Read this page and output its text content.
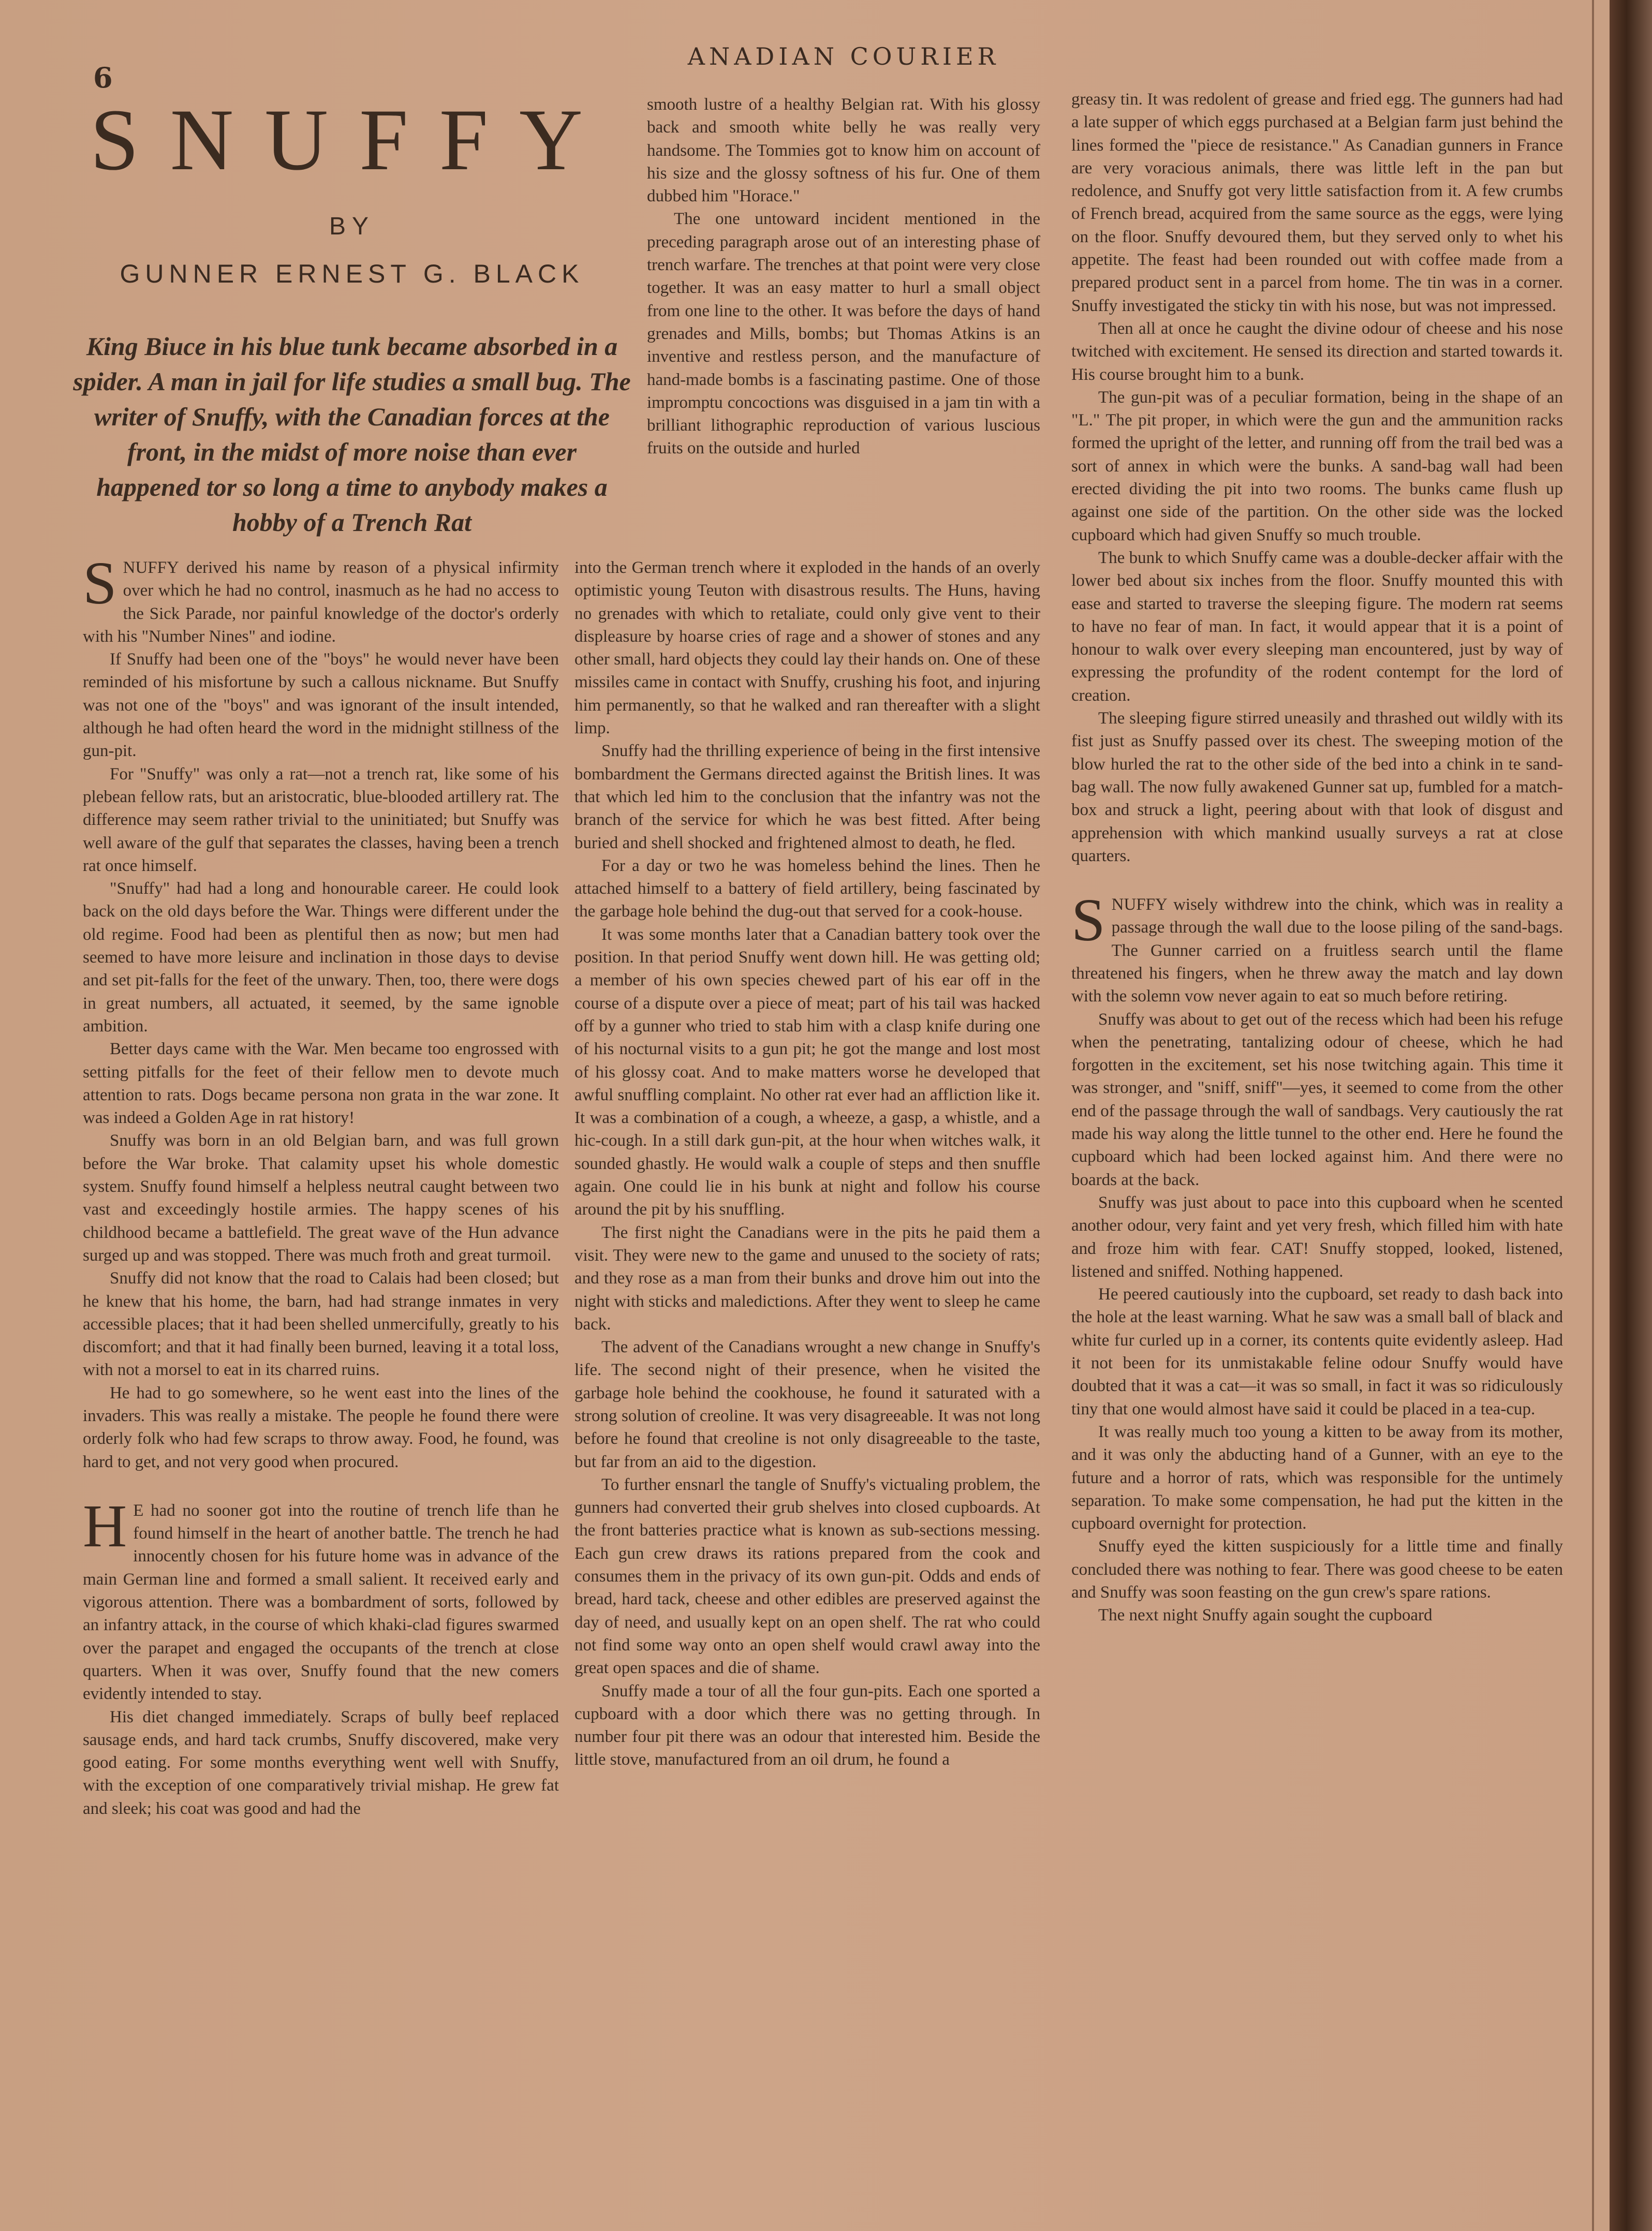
6
ANADIAN COURIER
SNUFFY
BY
GUNNER ERNEST G. BLACK
King Biuce in his blue tunk became absorbed in a spider. A man in jail for life studies a small bug. The writer of Snuffy, with the Canadian forces at the front, in the midst of more noise than ever happened tor so long a time to anybody makes a hobby of a Trench Rat

SNUFFY derived his name by reason of a physical infirmity over which he had no control, inasmuch as he had no access to the Sick Parade, nor painful knowledge of the doctor's orderly with his "Number Nines" and iodine.

If Snuffy had been one of the "boys" he would never have been reminded of his misfortune by such a callous nickname. But Snuffy was not one of the "boys" and was ignorant of the insult intended, although he had often heard the word in the midnight stillness of the gun-pit.

For "Snuffy" was only a rat—not a trench rat, like some of his plebean fellow rats, but an aristocratic, blue-blooded artillery rat. The difference may seem rather trivial to the uninitiated; but Snuffy was well aware of the gulf that separates the classes, having been a trench rat once himself.

"Snuffy" had had a long and honourable career. He could look back on the old days before the War. Things were different under the old regime. Food had been as plentiful then as now; but men had seemed to have more leisure and inclination in those days to devise and set pit-falls for the feet of the unwary. Then, too, there were dogs in great numbers, all actuated, it seemed, by the same ignoble ambition.

Better days came with the War. Men became too engrossed with setting pitfalls for the feet of their fellow men to devote much attention to rats. Dogs became persona non grata in the war zone. It was indeed a Golden Age in rat history!

Snuffy was born in an old Belgian barn, and was full grown before the War broke. That calamity upset his whole domestic system. Snuffy found himself a helpless neutral caught between two vast and exceedingly hostile armies. The happy scenes of his childhood became a battlefield. The great wave of the Hun advance surged up and was stopped. There was much froth and great turmoil.

Snuffy did not know that the road to Calais had been closed; but he knew that his home, the barn, had had strange inmates in very accessible places; that it had been shelled unmercifully, greatly to his discomfort; and that it had finally been burned, leaving it a total loss, with not a morsel to eat in its charred ruins.

He had to go somewhere, so he went east into the lines of the invaders. This was really a mistake. The people he found there were orderly folk who had few scraps to throw away. Food, he found, was hard to get, and not very good when procured.

H E had no sooner got into the routine of trench life than he found himself in the heart of another battle. The trench he had innocently chosen for his future home was in advance of the main German line and formed a small salient. It received early and vigorous attention. There was a bombardment of sorts, followed by an infantry attack, in the course of which khaki-clad figures swarmed over the parapet and engaged the occupants of the trench at close quarters. When it was over, Snuffy found that the new comers evidently intended to stay.

His diet changed immediately. Scraps of bully beef replaced sausage ends, and hard tack crumbs, Snuffy discovered, make very good eating. For some months everything went well with Snuffy, with the exception of one comparatively trivial mishap. He grew fat and sleek; his coat was good and had the

smooth lustre of a healthy Belgian rat. With his glossy back and smooth white belly he was really very handsome. The Tommies got to know him on account of his size and the glossy softness of his fur. One of them dubbed him "Horace."

The one untoward incident mentioned in the preceding paragraph arose out of an interesting phase of trench warfare. The trenches at that point were very close together. It was an easy matter to hurl a small object from one line to the other. It was before the days of hand grenades and Mills, bombs; but Thomas Atkins is an inventive and restless person, and the manufacture of hand-made bombs is a fascinating pastime. One of those impromptu concoctions was disguised in a jam tin with a brilliant lithographic reproduction of various luscious fruits on the outside and hurled

into the German trench where it exploded in the hands of an overly optimistic young Teuton with disastrous results. The Huns, having no grenades with which to retaliate, could only give vent to their displeasure by hoarse cries of rage and a shower of stones and any other small, hard objects they could lay their hands on. One of these missiles came in contact with Snuffy, crushing his foot, and injuring him permanently, so that he walked and ran thereafter with a slight limp.

Snuffy had the thrilling experience of being in the first intensive bombardment the Germans directed against the British lines. It was that which led him to the conclusion that the infantry was not the branch of the service for which he was best fitted. After being buried and shell shocked and frightened almost to death, he fled.

For a day or two he was homeless behind the lines. Then he attached himself to a battery of field artillery, being fascinated by the garbage hole behind the dug-out that served for a cook-house.

It was some months later that a Canadian battery took over the position. In that period Snuffy went down hill. He was getting old; a member of his own species chewed part of his ear off in the course of a dispute over a piece of meat; part of his tail was hacked off by a gunner who tried to stab him with a clasp knife during one of his nocturnal visits to a gun pit; he got the mange and lost most of his glossy coat. And to make matters worse he developed that awful snuffling complaint. No other rat ever had an affliction like it. It was a combination of a cough, a wheeze, a gasp, a whistle, and a hic-cough. In a still dark gun-pit, at the hour when witches walk, it sounded ghastly. He would walk a couple of steps and then snuffle again. One could lie in his bunk at night and follow his course around the pit by his snuffling.

The first night the Canadians were in the pits he paid them a visit. They were new to the game and unused to the society of rats; and they rose as a man from their bunks and drove him out into the night with sticks and maledictions. After they went to sleep he came back.

The advent of the Canadians wrought a new change in Snuffy's life. The second night of their presence, when he visited the garbage hole behind the cookhouse, he found it saturated with a strong solution of creoline. It was very disagreeable. It was not long before he found that creoline is not only disagreeable to the taste, but far from an aid to the digestion.

To further ensnarl the tangle of Snuffy's victualing problem, the gunners had converted their grub shelves into closed cupboards. At the front batteries practice what is known as sub-sections messing. Each gun crew draws its rations prepared from the cook and consumes them in the privacy of its own gun-pit. Odds and ends of bread, hard tack, cheese and other edibles are preserved against the day of need, and usually kept on an open shelf. The rat who could not find some way onto an open shelf would crawl away into the great open spaces and die of shame.

Snuffy made a tour of all the four gun-pits. Each one sported a cupboard with a door which there was no getting through. In number four pit there was an odour that interested him. Beside the little stove, manufactured from an oil drum, he found a

greasy tin. It was redolent of grease and fried egg. The gunners had had a late supper of which eggs purchased at a Belgian farm just behind the lines formed the "piece de resistance." As Canadian gunners in France are very voracious animals, there was little left in the pan but redolence, and Snuffy got very little satisfaction from it. A few crumbs of French bread, acquired from the same source as the eggs, were lying on the floor. Snuffy devoured them, but they served only to whet his appetite. The feast had been rounded out with coffee made from a prepared product sent in a parcel from home. The tin was in a corner. Snuffy investigated the sticky tin with his nose, but was not impressed.

Then all at once he caught the divine odour of cheese and his nose twitched with excitement. He sensed its direction and started towards it. His course brought him to a bunk.

The gun-pit was of a peculiar formation, being in the shape of an "L." The pit proper, in which were the gun and the ammunition racks formed the upright of the letter, and running off from the trail bed was a sort of annex in which were the bunks. A sand-bag wall had been erected dividing the pit into two rooms. The bunks came flush up against one side of the partition. On the other side was the locked cupboard which had given Snuffy so much trouble.

The bunk to which Snuffy came was a double-decker affair with the lower bed about six inches from the floor. Snuffy mounted this with ease and started to traverse the sleeping figure. The modern rat seems to have no fear of man. In fact, it would appear that it is a point of honour to walk over every sleeping man encountered, just by way of expressing the profundity of the rodent contempt for the lord of creation.

The sleeping figure stirred uneasily and thrashed out wildly with its fist just as Snuffy passed over its chest. The sweeping motion of the blow hurled the rat to the other side of the bed into a chink in te sand-bag wall. The now fully awakened Gunner sat up, fumbled for a match-box and struck a light, peering about with that look of disgust and apprehension with which mankind usually surveys a rat at close quarters.

SNUFFY wisely withdrew into the chink, which was in reality a passage through the wall due to the loose piling of the sand-bags. The Gunner carried on a fruitless search until the flame threatened his fingers, when he threw away the match and lay down with the solemn vow never again to eat so much before retiring.

Snuffy was about to get out of the recess which had been his refuge when the penetrating, tantalizing odour of cheese, which he had forgotten in the excitement, set his nose twitching again. This time it was stronger, and "sniff, sniff"—yes, it seemed to come from the other end of the passage through the wall of sandbags. Very cautiously the rat made his way along the little tunnel to the other end. Here he found the cupboard which had been locked against him. And there were no boards at the back.

Snuffy was just about to pace into this cupboard when he scented another odour, very faint and yet very fresh, which filled him with hate and froze him with fear. CAT! Snuffy stopped, looked, listened, listened and sniffed. Nothing happened.

He peered cautiously into the cupboard, set ready to dash back into the hole at the least warning. What he saw was a small ball of black and white fur curled up in a corner, its contents quite evidently asleep. Had it not been for its unmistakable feline odour Snuffy would have doubted that it was a cat—it was so small, in fact it was so ridiculously tiny that one would almost have said it could be placed in a tea-cup.

It was really much too young a kitten to be away from its mother, and it was only the abducting hand of a Gunner, with an eye to the future and a horror of rats, which was responsible for the untimely separation. To make some compensation, he had put the kitten in the cupboard overnight for protection.

Snuffy eyed the kitten suspiciously for a little time and finally concluded there was nothing to fear. There was good cheese to be eaten and Snuffy was soon feasting on the gun crew's spare rations.

The next night Snuffy again sought the cupboard
